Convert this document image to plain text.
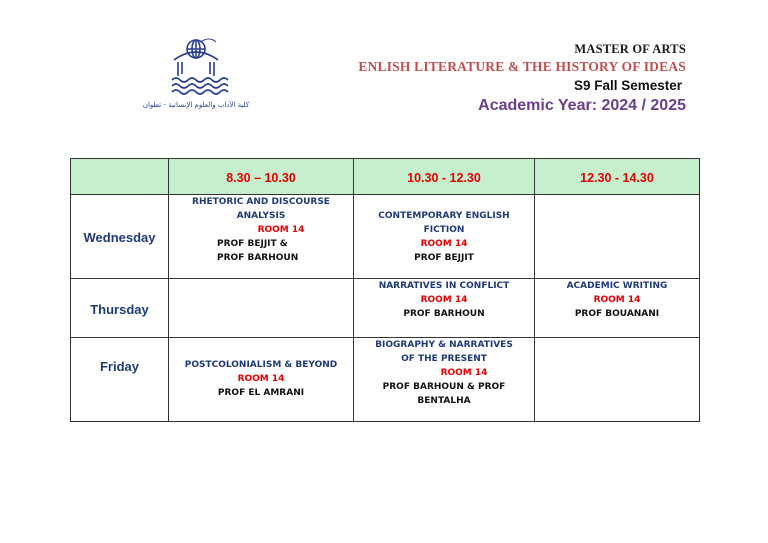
كلية الآداب والعلوم الإنسانية - تطوان
MASTER OF ARTS
ENLISH LITERATURE & THE HISTORY OF IDEAS
S9 Fall Semester
Academic Year: 2024 / 2025
	8.30 – 10.30	10.30 - 12.30	12.30 - 14.30
Wednesday	RHETORIC AND DISCOURSE
ANALYSIS
ROOM 14
PROF BEJJIT &
PROF BARHOUN	CONTEMPORARY ENGLISH
FICTION
ROOM 14
PROF BEJJIT	

Thursday		NARRATIVES IN CONFLICT
ROOM 14
PROF BARHOUN	ACADEMIC WRITING
ROOM 14
PROF BOUANANI

Friday	POSTCOLONIALISM & BEYOND
ROOM 14
PROF EL AMRANI	BIOGRAPHY & NARRATIVES
OF THE PRESENT
ROOM 14
PROF BARHOUN & PROF
BENTALHA	
